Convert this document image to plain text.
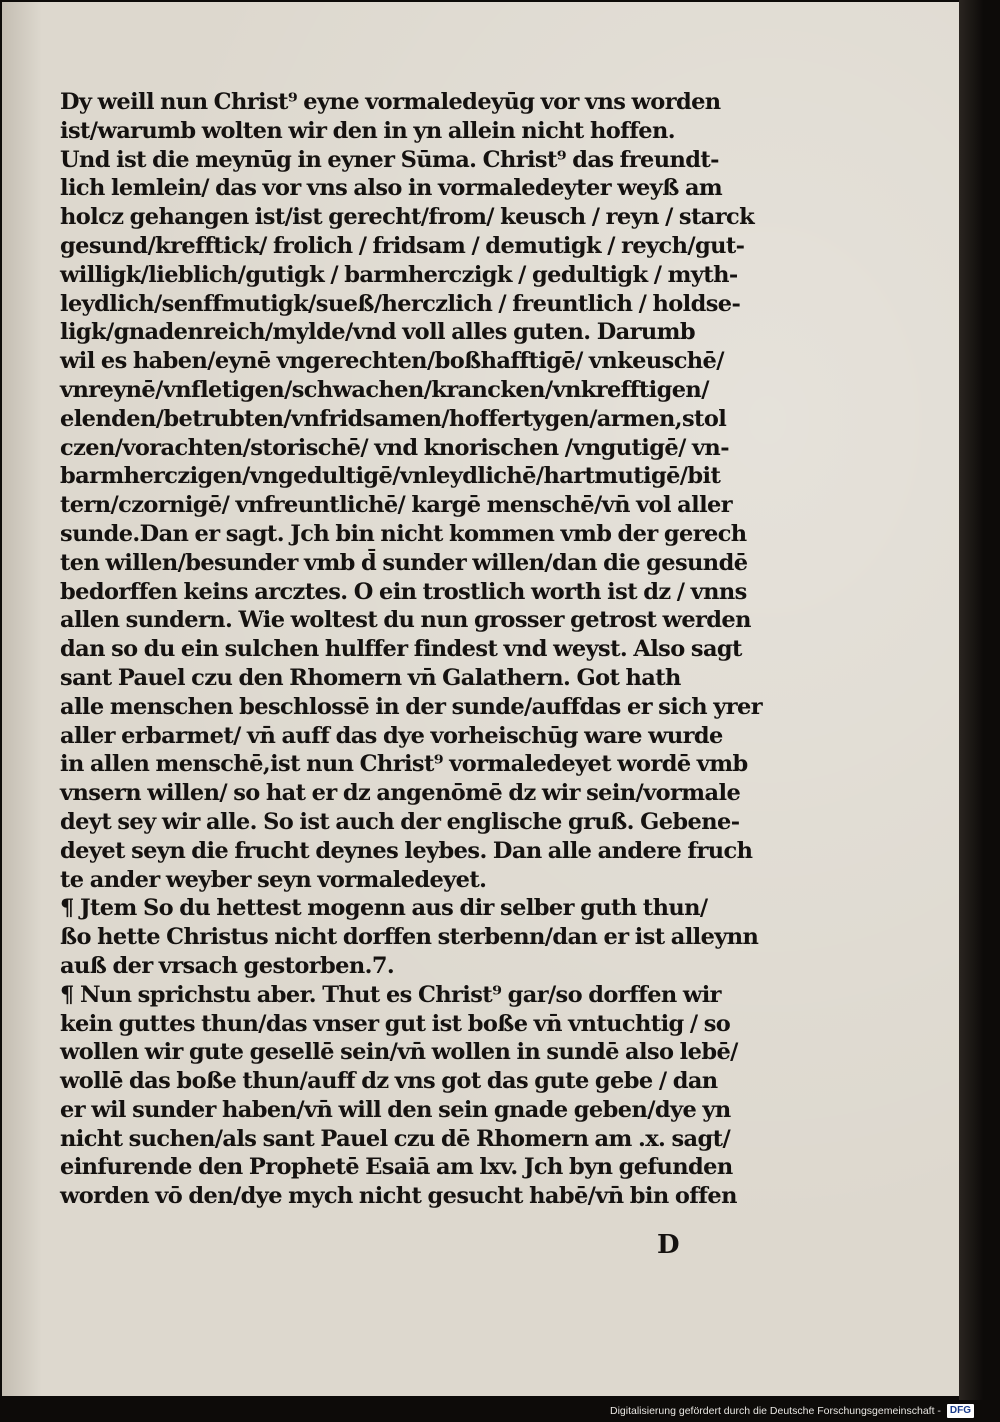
Dy weill nun Christ⁹ eyne vormaledeyūg vor vns worden
ist/warumb wolten wir den in yn allein nicht hoffen.
Und ist die meynūg in eyner Sūma. Christ⁹ das freundt-
lich lemlein/ das vor vns also in vormaledeyter weyß am
holcz gehangen ist/ist gerecht/from/ keusch / reyn / starck
gesund/krefftick/ frolich / fridsam / demutigk / reych/gut-
willigk/lieblich/gutigk / barmherczigk / gedultigk / myth-
leydlich/senffmutigk/sueß/herczlich / freuntlich / holdse-
ligk/gnadenreich/mylde/vnd voll alles guten. Darumb
wil es haben/eynē vngerechten/boßhafftigē/ vnkeuschē/
vnreynē/vnfletigen/schwachen/krancken/vnkrefftigen/
elenden/betrubten/vnfridsamen/hoffertygen/armen,stol
czen/vorachten/storischē/ vnd knorischen /vngutigē/ vn-
barmherczigen/vngedultigē/vnleydlichē/hartmutigē/bit
tern/czornigē/ vnfreuntlichē/ kargē menschē/vn̄ vol aller
sunde.Dan er sagt. Jch bin nicht kommen vmb der gerech
ten willen/besunder vmb d̄ sunder willen/dan die gesundē
bedorffen keins arcztes. O ein trostlich worth ist dz / vnns
allen sundern. Wie woltest du nun grosser getrost werden
dan so du ein sulchen hulffer findest vnd weyst. Also sagt
sant Pauel czu den Rhomern vn̄ Galathern. Got hath
alle menschen beschlossē in der sunde/auffdas er sich yrer
aller erbarmet/ vn̄ auff das dye vorheischūg ware wurde
in allen menschē,ist nun Christ⁹ vormaledeyet wordē vmb
vnsern willen/ so hat er dz angenōmē dz wir sein/vormale
deyt sey wir alle. So ist auch der englische gruß. Gebene-
deyet seyn die frucht deynes leybes. Dan alle andere fruch
te ander weyber seyn vormaledeyet.
¶ Jtem So du hettest mogenn aus dir selber guth thun/
ßo hette Christus nicht dorffen sterbenn/dan er ist alleynn
auß der vrsach gestorben.7.
¶ Nun sprichstu aber. Thut es Christ⁹ gar/so dorffen wir
kein guttes thun/das vnser gut ist boße vn̄ vntuchtig / so
wollen wir gute gesellē sein/vn̄ wollen in sundē also lebē/
wollē das boße thun/auff dz vns got das gute gebe / dan
er wil sunder haben/vn̄ will den sein gnade geben/dye yn
nicht suchen/als sant Pauel czu dē Rhomern am .x. sagt/
einfurende den Prophetē Esaiā am lxv. Jch byn gefunden
worden vō den/dye mych nicht gesucht habē/vn̄ bin offen
D
Digitalisierung gefördert durch die Deutsche Forschungsgemeinschaft - DFG
